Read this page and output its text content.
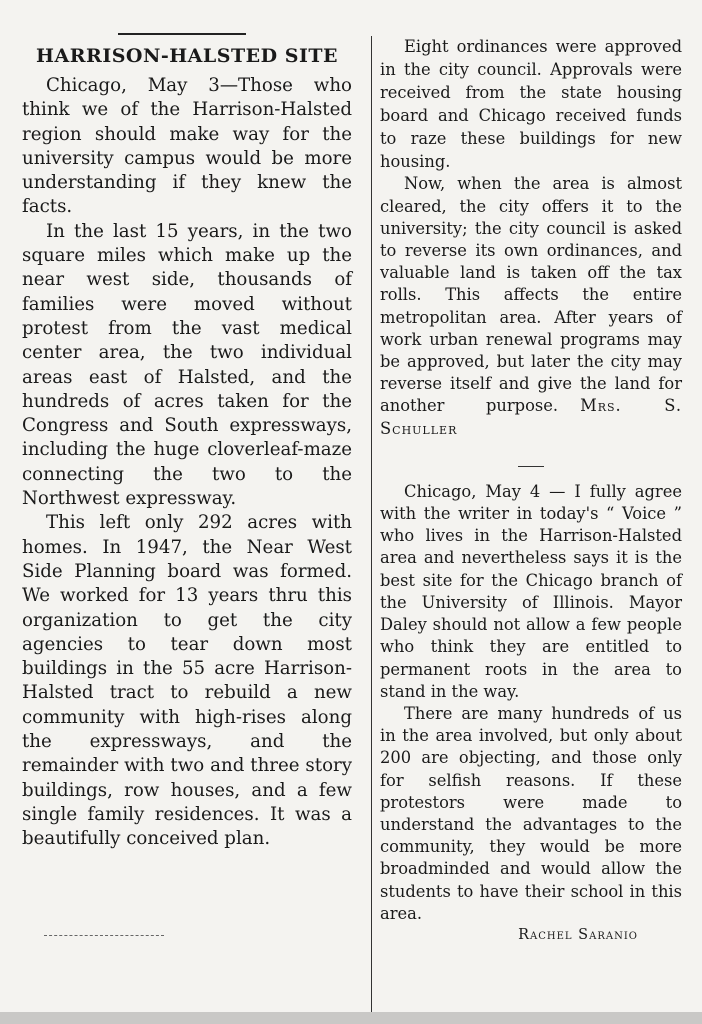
HARRISON-HALSTED SITE

Chicago, May 3—Those who think we of the Harrison-Halsted region should make way for the university campus would be more understanding if they knew the facts.

In the last 15 years, in the two square miles which make up the near west side, thousands of families were moved without protest from the vast medical center area, the two individual areas east of Halsted, and the hundreds of acres taken for the Congress and South expressways, including the huge cloverleaf-maze connecting the two to the Northwest expressway.

This left only 292 acres with homes. In 1947, the Near West Side Planning board was formed. We worked for 13 years thru this organization to get the city agencies to tear down most buildings in the 55 acre Harrison-Halsted tract to rebuild a new community with high-rises along the expressways, and the remainder with two and three story buildings, row houses, and a few single family residences. It was a beautifully conceived plan.

Eight ordinances were approved in the city council. Approvals were received from the state housing board and Chicago received funds to raze these buildings for new housing.

Now, when the area is almost cleared, the city offers it to the university; the city council is asked to reverse its own ordinances, and valuable land is taken off the tax rolls. This affects the entire metropolitan area. After years of work urban renewal programs may be approved, but later the city may reverse itself and give the land for another purpose. Mrs. S. Schuller

Chicago, May 4 — I fully agree with the writer in today's “ Voice ” who lives in the Harrison-Halsted area and nevertheless says it is the best site for the Chicago branch of the University of Illinois. Mayor Daley should not allow a few people who think they are entitled to permanent roots in the area to stand in the way.

There are many hundreds of us in the area involved, but only about 200 are objecting, and those only for selfish reasons. If these protestors were made to understand the advantages to the community, they would be more broadminded and would allow the students to have their school in this area.

Rachel Saranio
